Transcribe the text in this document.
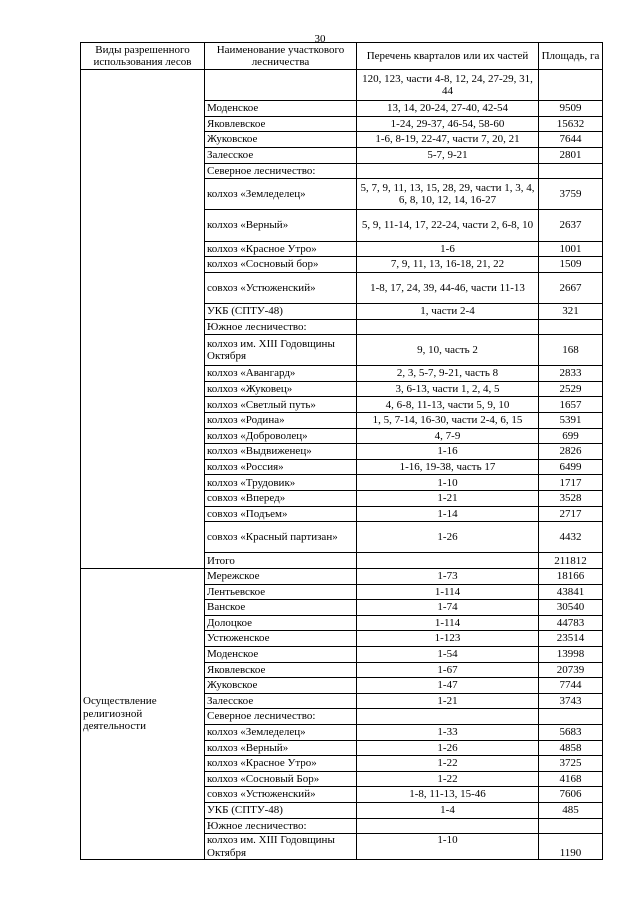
30
Виды разрешенного использования лесов	Наименование участкового лесничества	Перечень кварталов или их частей	Площадь, га
		120, 123, части 4-8, 12, 24, 27-29, 31, 44	
	Моденское	13, 14, 20-24, 27-40, 42-54	9509
	Яковлевское	1-24, 29-37, 46-54, 58-60	15632
	Жуковское	1-6, 8-19, 22-47, части 7, 20, 21	7644
	Залесское	5-7, 9-21	2801
	Северное лесничество:		
	колхоз «Земледелец»	5, 7, 9, 11, 13, 15, 28, 29, части 1, 3, 4, 6, 8, 10, 12, 14, 16-27	3759
	колхоз «Верный»	5, 9, 11-14, 17, 22-24, части 2, 6-8, 10	2637
	колхоз «Красное Утро»	1-6	1001
	колхоз «Сосновый бор»	7, 9, 11, 13, 16-18, 21, 22	1509
	совхоз «Устюженский»	1-8, 17, 24, 39, 44-46, части 11-13	2667
	УКБ (СПТУ-48)	1, части 2-4	321
	Южное лесничество:		
	колхоз им. XIII Годовщины Октября	9, 10, часть 2	168
	колхоз «Авангард»	2, 3, 5-7, 9-21, часть 8	2833
	колхоз «Жуковец»	3, 6-13, части 1, 2, 4, 5	2529
	колхоз «Светлый путь»	4, 6-8, 11-13, части 5, 9, 10	1657
	колхоз «Родина»	1, 5, 7-14, 16-30, части 2-4, 6, 15	5391
	колхоз «Доброволец»	4, 7-9	699
	колхоз «Выдвиженец»	1-16	2826
	колхоз «Россия»	1-16, 19-38, часть 17	6499
	колхоз «Трудовик»	1-10	1717
	совхоз «Вперед»	1-21	3528
	совхоз «Подъем»	1-14	2717
	совхоз «Красный партизан»	1-26	4432
	Итого		211812
Осуществление религиозной деятельности	Мережское	1-73	18166
	Лентьевское	1-114	43841
	Ванское	1-74	30540
	Долоцкое	1-114	44783
	Устюженское	1-123	23514
	Моденское	1-54	13998
	Яковлевское	1-67	20739
	Жуковское	1-47	7744
	Залесское	1-21	3743
	Северное лесничество:		
	колхоз «Земледелец»	1-33	5683
	колхоз «Верный»	1-26	4858
	колхоз «Красное Утро»	1-22	3725
	колхоз «Сосновый Бор»	1-22	4168
	совхоз «Устюженский»	1-8, 11-13, 15-46	7606
	УКБ (СПТУ-48)	1-4	485
	Южное лесничество:		
	колхоз им. XIII Годовщины Октября	1-10	1190
